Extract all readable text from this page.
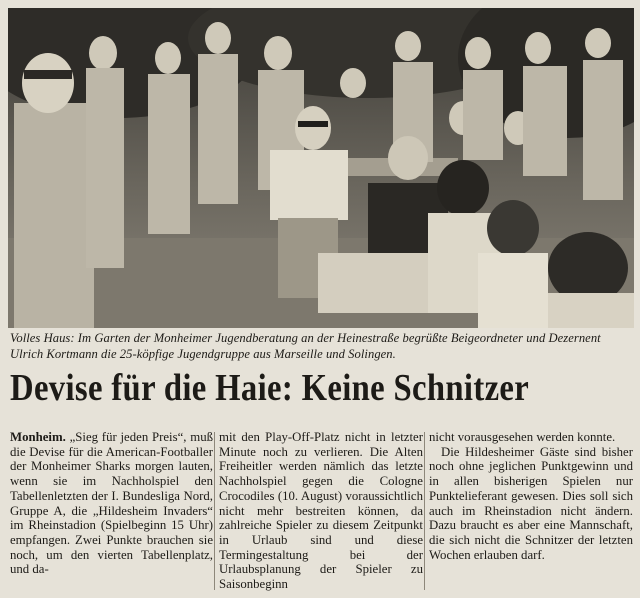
Volles Haus: Im Garten der Monheimer Jugendberatung an der Heinestraße begrüßte Beigeordneter und Dezernent Ulrich Kortmann die 25-köpfige Jugendgruppe aus Marseille und Solingen.
Devise für die Haie: Keine Schnitzer

Monheim. „Sieg für jeden Preis“, muß die Devise für die American-Footballer der Monheimer Sharks morgen lauten, wenn sie im Nachholspiel den Tabellenletzten der I. Bundesliga Nord, Gruppe A, die „Hildesheim Invaders“ im Rheinstadion (Spielbeginn 15 Uhr) empfangen. Zwei Punkte brauchen sie noch, um den vierten Tabellenplatz, und da-

mit den Play-Off-Platz nicht in letzter Minute noch zu verlieren. Die Alten Freiheitler werden nämlich das letzte Nachholspiel gegen die Cologne Crocodiles (10. August) voraussichtlich nicht mehr bestreiten können, da zahlreiche Spieler zu diesem Zeitpunkt in Urlaub sind und diese Termingestaltung bei der Urlaubsplanung der Spieler zu Saisonbeginn

nicht vorausgesehen werden konnte.

Die Hildesheimer Gäste sind bisher noch ohne jeglichen Punktgewinn und in allen bisherigen Spielen nur Punktelieferant gewesen. Dies soll sich auch im Rheinstadion nicht ändern. Dazu braucht es aber eine Mannschaft, die sich nicht die Schnitzer der letzten Wochen erlauben darf.
